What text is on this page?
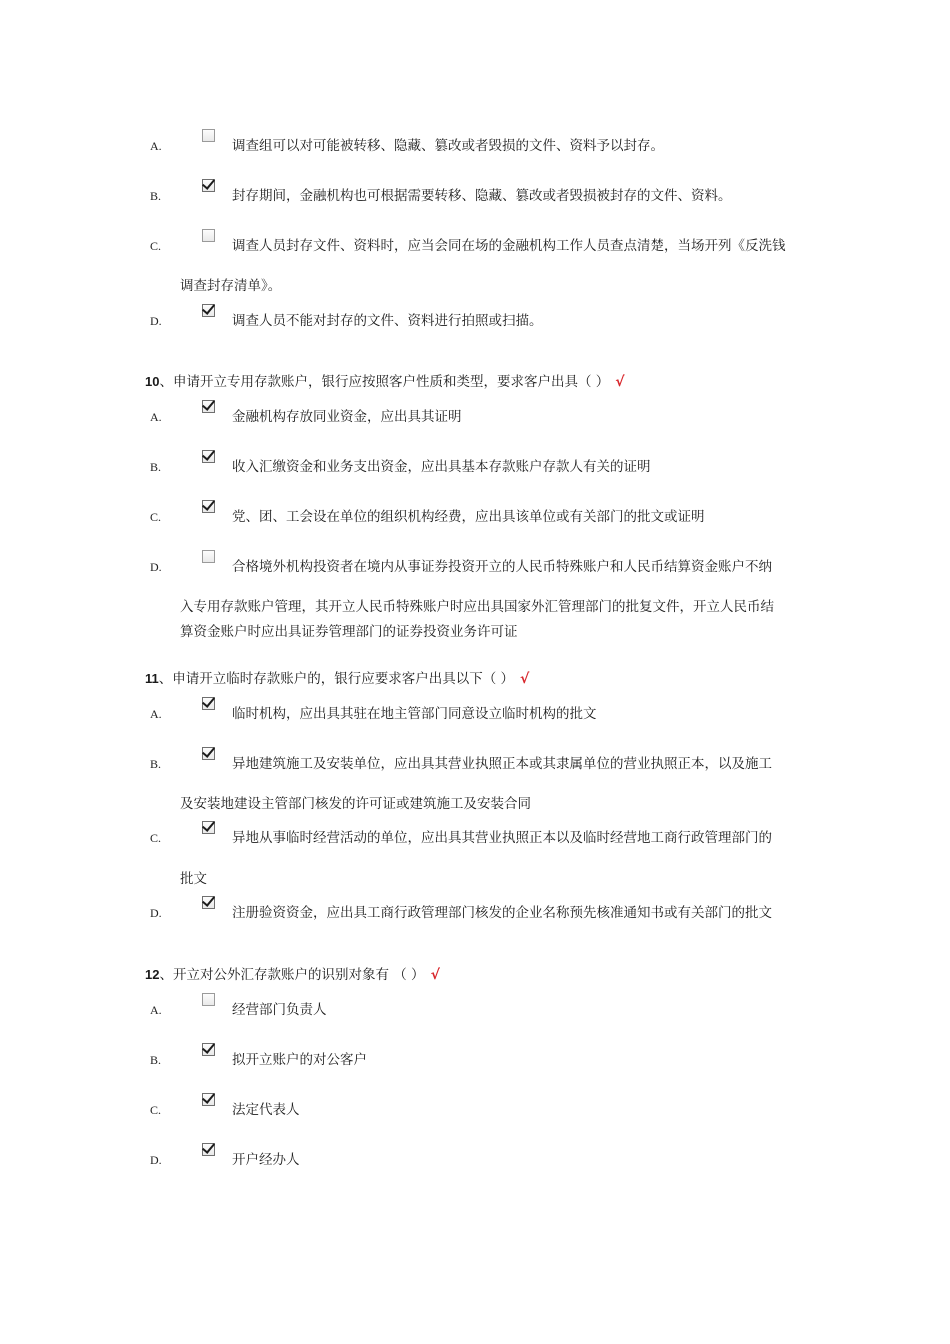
A.	调查组可以对可能被转移、隐藏、篡改或者毁损的文件、资料予以封存。
B.	封存期间，金融机构也可根据需要转移、隐藏、篡改或者毁损被封存的文件、资料。
C.	调查人员封存文件、资料时，应当会同在场的金融机构工作人员查点清楚，当场开列《反洗钱
调查封存清单》。
D.	调查人员不能对封存的文件、资料进行拍照或扫描。
10、申请开立专用存款账户，银行应按照客户性质和类型，要求客户出具（ ） √
A.	金融机构存放同业资金，应出具其证明
B.	收入汇缴资金和业务支出资金，应出具基本存款账户存款人有关的证明
C.	党、团、工会设在单位的组织机构经费，应出具该单位或有关部门的批文或证明
D.	合格境外机构投资者在境内从事证券投资开立的人民币特殊账户和人民币结算资金账户不纳
入专用存款账户管理，其开立人民币特殊账户时应出具国家外汇管理部门的批复文件，开立人民币结
算资金账户时应出具证券管理部门的证券投资业务许可证
11、申请开立临时存款账户的，银行应要求客户出具以下（ ） √
A.	临时机构，应出具其驻在地主管部门同意设立临时机构的批文
B.	异地建筑施工及安装单位，应出具其营业执照正本或其隶属单位的营业执照正本，以及施工
及安装地建设主管部门核发的许可证或建筑施工及安装合同
C.	异地从事临时经营活动的单位，应出具其营业执照正本以及临时经营地工商行政管理部门的
批文
D.	注册验资资金，应出具工商行政管理部门核发的企业名称预先核准通知书或有关部门的批文
12、开立对公外汇存款账户的识别对象有 （ ） √
A.	经营部门负责人
B.	拟开立账户的对公客户
C.	法定代表人
D.	开户经办人
